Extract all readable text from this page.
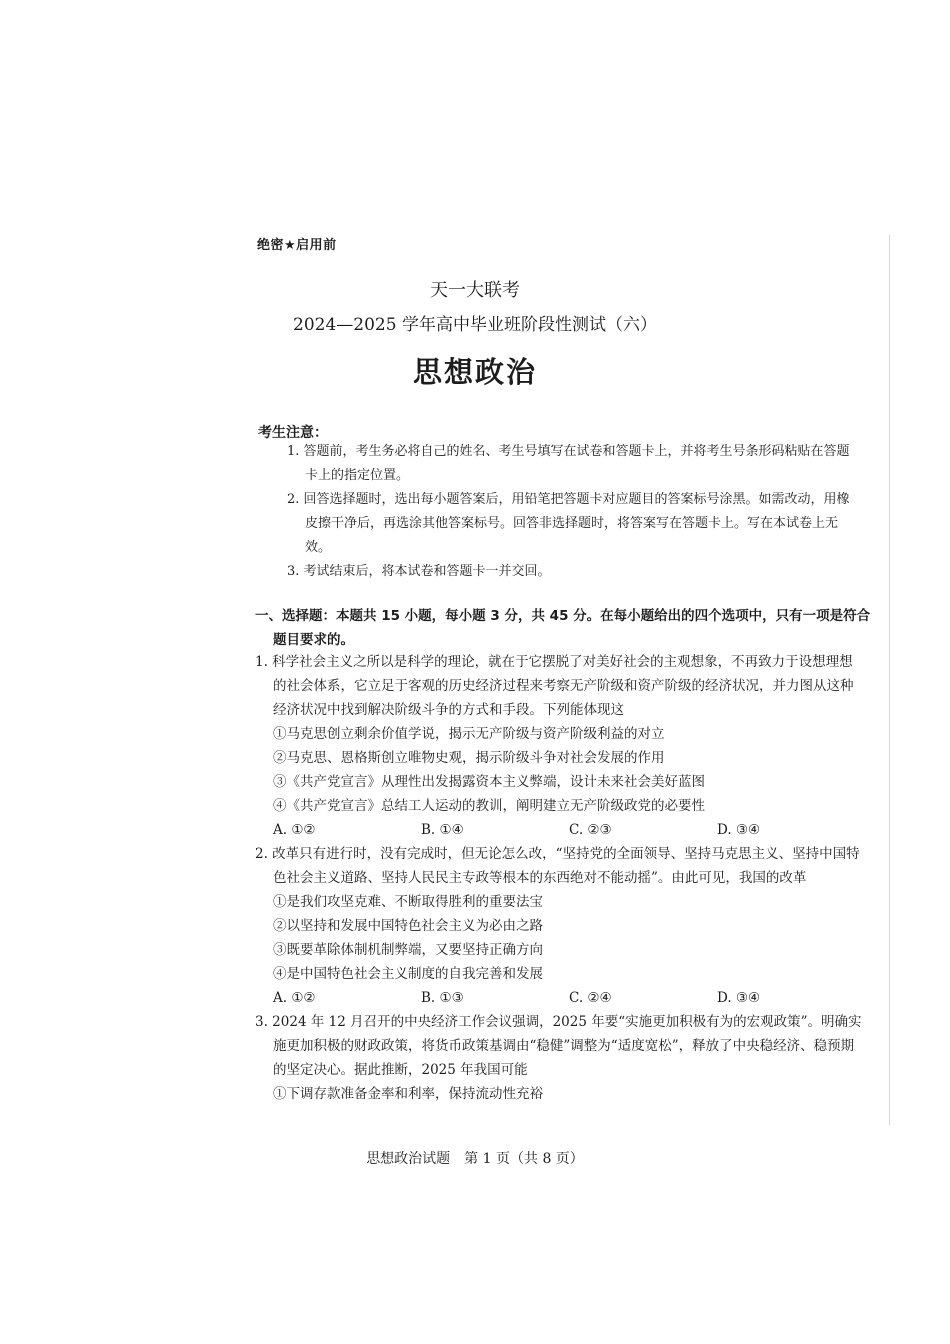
绝密★启用前
天一大联考
2024—2025 学年高中毕业班阶段性测试（六）
思想政治
考生注意：

1. 答题前，考生务必将自己的姓名、考生号填写在试卷和答题卡上，并将考生号条形码粘贴在答题卡上的指定位置。

2. 回答选择题时，选出每小题答案后，用铅笔把答题卡对应题目的答案标号涂黑。如需改动，用橡皮擦干净后，再选涂其他答案标号。回答非选择题时，将答案写在答题卡上。写在本试卷上无效。

3. 考试结束后，将本试卷和答题卡一并交回。

一、选择题：本题共 15 小题，每小题 3 分，共 45 分。在每小题给出的四个选项中，只有一项是符合题目要求的。

1. 科学社会主义之所以是科学的理论，就在于它摆脱了对美好社会的主观想象，不再致力于设想理想的社会体系，它立足于客观的历史经济过程来考察无产阶级和资产阶级的经济状况，并力图从这种经济状况中找到解决阶级斗争的方式和手段。下列能体现这

①马克思创立剩余价值学说，揭示无产阶级与资产阶级利益的对立

②马克思、恩格斯创立唯物史观，揭示阶级斗争对社会发展的作用

③《共产党宣言》从理性出发揭露资本主义弊端，设计未来社会美好蓝图

④《共产党宣言》总结工人运动的教训，阐明建立无产阶级政党的必要性

A. ①②	B. ①④	C. ②③	D. ③④

2. 改革只有进行时，没有完成时，但无论怎么改，“坚持党的全面领导、坚持马克思主义、坚持中国特色社会主义道路、坚持人民民主专政等根本的东西绝对不能动摇”。由此可见，我国的改革

①是我们攻坚克难、不断取得胜利的重要法宝

②以坚持和发展中国特色社会主义为必由之路

③既要革除体制机制弊端，又要坚持正确方向

④是中国特色社会主义制度的自我完善和发展

A. ①②	B. ①③	C. ②④	D. ③④

3. 2024 年 12 月召开的中央经济工作会议强调，2025 年要“实施更加积极有为的宏观政策”。明确实施更加积极的财政政策，将货币政策基调由“稳健”调整为“适度宽松”，释放了中央稳经济、稳预期的坚定决心。据此推断，2025 年我国可能

①下调存款准备金率和利率，保持流动性充裕

思想政治试题　第 1 页（共 8 页）
